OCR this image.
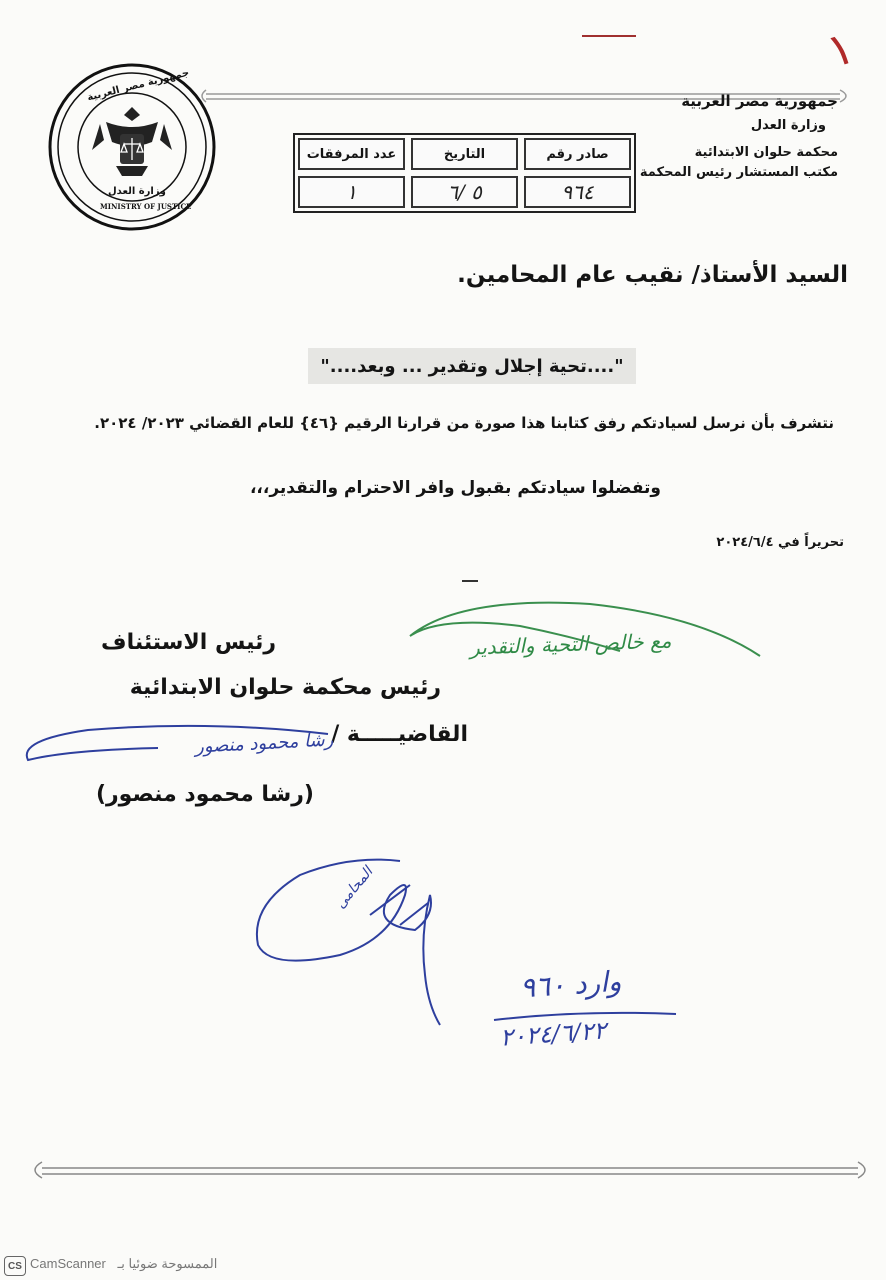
١
جمهورية مصر العربية
وزارة العدل
MINISTRY OF JUSTICE
جمهورية مصر العربية
وزارة العدل
محكمة حلوان الابتدائية
مكتب المستشار رئيس المحكمة
صادر رقم
التاريخ
عدد المرفقات
٩٦٤
٥ /٦
١
السيد الأستاذ/ نقيب عام المحامين.
"....تحية إجلال وتقدير ... وبعد...."
نتشرف بأن نرسل لسيادتكم رفق كتابنا هذا صورة من قرارنا الرقيم {٤٦} للعام القضائي ٢٠٢٣/ ٢٠٢٤.
وتفضلوا سيادتكم بقبول وافر الاحترام والتقدير،،،
تحريراً في ٢٠٢٤/٦/٤
مع خالص التحية والتقدير
رئيس الاستئناف
رئيس محكمة حلوان الابتدائية
القاضيـــــة /
(رشا محمود منصور)
رشا محمود منصور
المحامى
وارد ٩٦٠
٢٠٢٤/٦/٢٢
CS CamScanner الممسوحة ضوئيا بـ
